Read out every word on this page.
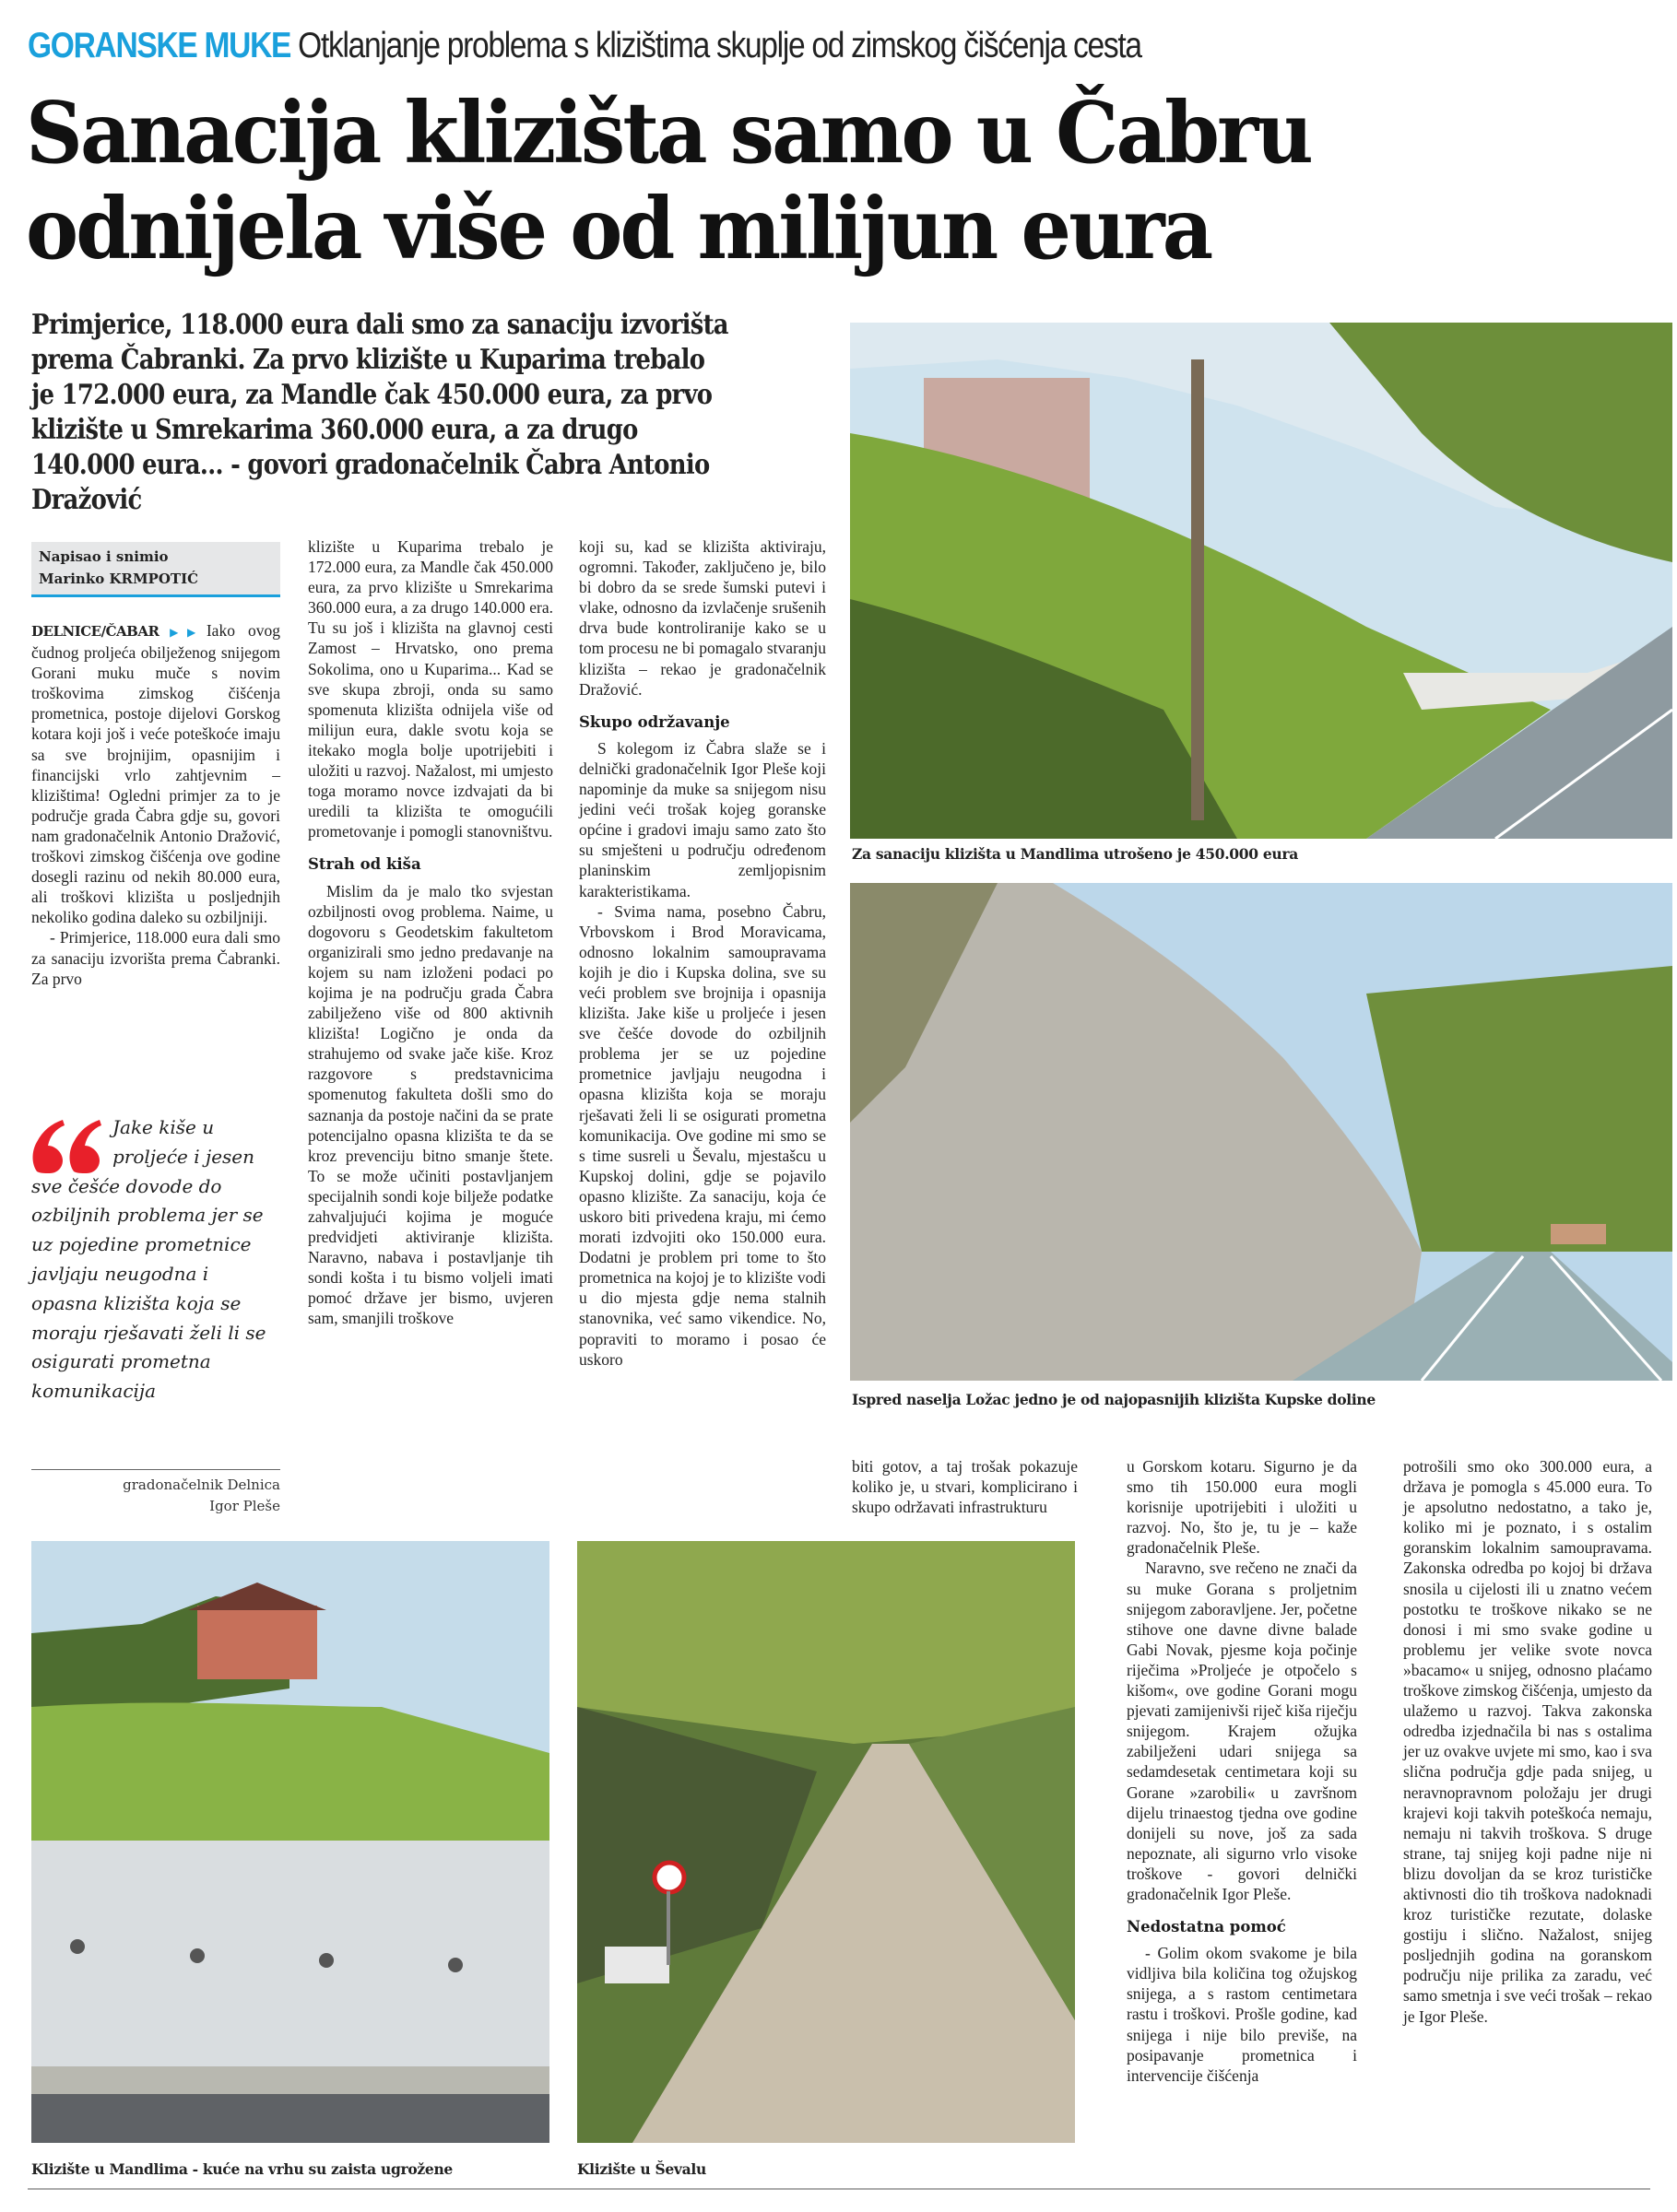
GORANSKE MUKE Otklanjanje problema s klizištima skuplje od zimskog čišćenja cesta
Sanacija klizišta samo u Čabru
odnijela više od milijun eura

Primjerice, 118.000 eura dali smo za sanaciju izvorišta prema Čabranki. Za prvo klizište u Kuparima trebalo je 172.000 eura, za Mandle čak 450.000 eura, za prvo klizište u Smrekarima 360.000 eura, a za drugo 140.000 eura... - govori gradonačelnik Čabra Antonio Dražović

Napisao i snimio
Marinko KRMPOTIĆ

DELNICE/ČABAR ▶▶ Iako ovog čudnog proljeća obilježenog snijegom Gorani muku muče s novim troškovima zimskog čišćenja prometnica, postoje dijelovi Gorskog kotara koji još i veće poteškoće imaju sa sve brojnijim, opasnijim i financijski vrlo zahtjevnim – klizištima! Ogledni primjer za to je područje grada Čabra gdje su, govori nam gradonačelnik Antonio Dražović, troškovi zimskog čišćenja ove godine dosegli razinu od nekih 80.000 eura, ali troškovi klizišta u posljednjih nekoliko godina daleko su ozbiljniji.

- Primjerice, 118.000 eura dali smo za sanaciju izvorišta prema Čabranki. Za prvo

Jake kiše u proljeće i jesen
sve češće dovode do ozbiljnih problema jer se uz pojedine prometnice javljaju neugodna i opasna klizišta koja se moraju rješavati želi li se osigurati prometna komunikacija
gradonačelnik Delnica
Igor Pleše

klizište u Kuparima trebalo je 172.000 eura, za Mandle čak 450.000 eura, za prvo klizište u Smrekarima 360.000 eura, a za drugo 140.000 era. Tu su još i klizišta na glavnoj cesti Zamost – Hrvatsko, ono prema Sokolima, ono u Kuparima... Kad se sve skupa zbroji, onda su samo spomenuta klizišta odnijela više od milijun eura, dakle svotu koja se itekako mogla bolje upotrijebiti i uložiti u razvoj. Nažalost, mi umjesto toga moramo novce izdvajati da bi uredili ta klizišta te omogućili prometovanje i pomogli stanovništvu.

Strah od kiša

Mislim da je malo tko svjestan ozbiljnosti ovog problema. Naime, u dogovoru s Geodetskim fakultetom organizirali smo jedno predavanje na kojem su nam izloženi podaci po kojima je na području grada Čabra zabilježeno više od 800 aktivnih klizišta! Logično je onda da strahujemo od svake jače kiše. Kroz razgovore s predstavnicima spomenutog fakulteta došli smo do saznanja da postoje načini da se prate potencijalno opasna klizišta te da se kroz prevenciju bitno smanje štete. To se može učiniti postavljanjem specijalnih sondi koje bilježe podatke zahvaljujući kojima je moguće predvidjeti aktiviranje klizišta. Naravno, nabava i postavljanje tih sondi košta i tu bismo voljeli imati pomoć države jer bismo, uvjeren sam, smanjili troškove

koji su, kad se klizišta aktiviraju, ogromni. Također, zaključeno je, bilo bi dobro da se srede šumski putevi i vlake, odnosno da izvlačenje srušenih drva bude kontroliranije kako se u tom procesu ne bi pomagalo stvaranju klizišta – rekao je gradonačelnik Dražović.

Skupo održavanje

S kolegom iz Čabra slaže se i delnički gradonačelnik Igor Pleše koji napominje da muke sa snijegom nisu jedini veći trošak kojeg goranske općine i gradovi imaju samo zato što su smješteni u području određenom planinskim zemljopisnim karakteristikama.

- Svima nama, posebno Čabru, Vrbovskom i Brod Moravicama, odnosno lokalnim samoupravama kojih je dio i Kupska dolina, sve su veći problem sve brojnija i opasnija klizišta. Jake kiše u proljeće i jesen sve češće dovode do ozbiljnih problema jer se uz pojedine prometnice javljaju neugodna i opasna klizišta koja se moraju rješavati želi li se osigurati prometna komunikacija. Ove godine mi smo se s time susreli u Ševalu, mjestašcu u Kupskoj dolini, gdje se pojavilo opasno klizište. Za sanaciju, koja će uskoro biti privedena kraju, mi ćemo morati izdvojiti oko 150.000 eura. Dodatni je problem pri tome to što prometnica na kojoj je to klizište vodi u dio mjesta gdje nema stalnih stanovnika, već samo vikendice. No, popraviti to moramo i posao će uskoro

Za sanaciju klizišta u Mandlima utrošeno je 450.000 eura
Ispred naselja Ložac jedno je od najopasnijih klizišta Kupske doline
Klizište u Mandlima - kuće na vrhu su zaista ugrožene	Klizište u Ševalu

biti gotov, a taj trošak pokazuje koliko je, u stvari, komplicirano i skupo održavati infrastrukturu

u Gorskom kotaru. Sigurno je da smo tih 150.000 eura mogli korisnije upotrijebiti i uložiti u razvoj. No, što je, tu je – kaže gradonačelnik Pleše.

Naravno, sve rečeno ne znači da su muke Gorana s proljetnim snijegom zaboravljene. Jer, početne stihove one davne divne balade Gabi Novak, pjesme koja počinje riječima »Proljeće je otpočelo s kišom«, ove godine Gorani mogu pjevati zamijenivši riječ kiša riječju snijegom. Krajem ožujka zabilježeni udari snijega sa sedamdesetak centimetara koji su Gorane »zarobili« u završnom dijelu trinaestog tjedna ove godine donijeli su nove, još za sada nepoznate, ali sigurno vrlo visoke troškove - govori delnički gradonačelnik Igor Pleše.

Nedostatna pomoć

- Golim okom svakome je bila vidljiva bila količina tog ožujskog snijega, a s rastom centimetara rastu i troškovi. Prošle godine, kad snijega i nije bilo previše, na posipavanje prometnica i intervencije čišćenja

potrošili smo oko 300.000 eura, a država je pomogla s 45.000 eura. To je apsolutno nedostatno, a tako je, koliko mi je poznato, i s ostalim goranskim lokalnim samoupravama. Zakonska odredba po kojoj bi država snosila u cijelosti ili u znatno većem postotku te troškove nikako se ne donosi i mi smo svake godine u problemu jer velike svote novca »bacamo« u snijeg, odnosno plaćamo troškove zimskog čišćenja, umjesto da ulažemo u razvoj. Takva zakonska odredba izjednačila bi nas s ostalima jer uz ovakve uvjete mi smo, kao i sva slična područja gdje pada snijeg, u neravnopravnom položaju jer drugi krajevi koji takvih poteškoća nemaju, nemaju ni takvih troškova. S druge strane, taj snijeg koji padne nije ni blizu dovoljan da se kroz turističke aktivnosti dio tih troškova nadoknadi kroz turističke rezutate, dolaske gostiju i slično. Nažalost, snijeg posljednjih godina na goranskom području nije prilika za zaradu, već samo smetnja i sve veći trošak – rekao je Igor Pleše.
